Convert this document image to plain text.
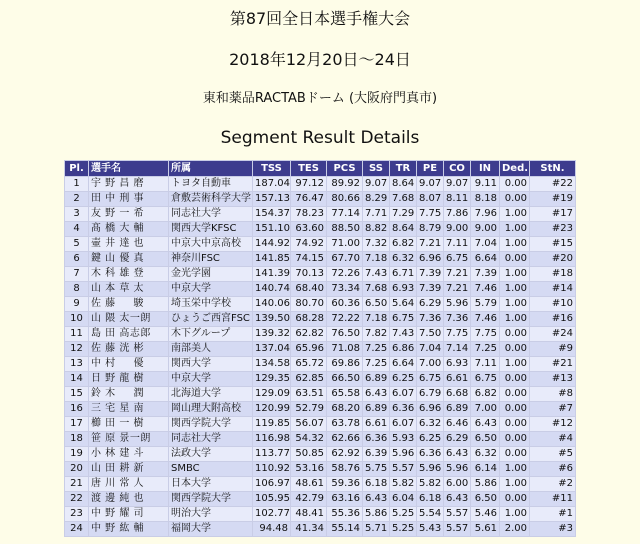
第87回全日本選手権大会
2018年12月20日～24日
東和薬品RACTABドーム (大阪府門真市)
Segment Result Details
Pl.	選手名	所属	TSS	TES	PCS	SS	TR	PE	CO	IN	Ded.	StN.
1	宇 野 昌 磨	トヨタ自動車	187.04	97.12	89.92	9.07	8.64	9.07	9.07	9.11	0.00	#22
2	田 中 刑 事	倉敷芸術科学大学	157.13	76.47	80.66	8.29	7.68	8.07	8.11	8.18	0.00	#19
3	友 野 一 希	同志社大学	154.37	78.23	77.14	7.71	7.29	7.75	7.86	7.96	1.00	#17
4	髙 橋 大 輔	関西大学KFSC	151.10	63.60	88.50	8.82	8.64	8.79	9.00	9.00	1.00	#23
5	壷 井 達 也	中京大中京高校	144.92	74.92	71.00	7.32	6.82	7.21	7.11	7.04	1.00	#15
6	鍵 山 優 真	神奈川FSC	141.85	74.15	67.70	7.18	6.32	6.96	6.75	6.64	0.00	#20
7	木 科 雄 登	金光学園	141.39	70.13	72.26	7.43	6.71	7.39	7.21	7.39	1.00	#18
8	山 本 草 太	中京大学	140.74	68.40	73.34	7.68	6.93	7.39	7.21	7.46	1.00	#14
9	佐 藤 　 駿	埼玉栄中学校	140.06	80.70	60.36	6.50	5.64	6.29	5.96	5.79	1.00	#10
10	山 隈 太一朗	ひょうご西宮FSC	139.50	68.28	72.22	7.18	6.75	7.36	7.36	7.46	1.00	#16
11	島 田 高志郎	木下グループ	139.32	62.82	76.50	7.82	7.43	7.50	7.75	7.75	0.00	#24
12	佐 藤 洸 彬	南部美人	137.04	65.96	71.08	7.25	6.86	7.04	7.14	7.25	0.00	#9
13	中 村 　 優	関西大学	134.58	65.72	69.86	7.25	6.64	7.00	6.93	7.11	1.00	#21
14	日 野 龍 樹	中京大学	129.35	62.85	66.50	6.89	6.25	6.75	6.61	6.75	0.00	#13
15	鈴 木 　 潤	北海道大学	129.09	63.51	65.58	6.43	6.07	6.79	6.68	6.82	0.00	#8
16	三 宅 星 南	岡山理大附高校	120.99	52.79	68.20	6.89	6.36	6.96	6.89	7.00	0.00	#7
17	櫛 田 一 樹	関西学院大学	119.85	56.07	63.78	6.61	6.07	6.32	6.46	6.43	0.00	#12
18	笹 原 景一朗	同志社大学	116.98	54.32	62.66	6.36	5.93	6.25	6.29	6.50	0.00	#4
19	小 林 建 斗	法政大学	113.77	50.85	62.92	6.39	5.96	6.36	6.43	6.32	0.00	#5
20	山 田 耕 新	SMBC	110.92	53.16	58.76	5.75	5.57	5.96	5.96	6.14	1.00	#6
21	唐 川 常 人	日本大学	106.97	48.61	59.36	6.18	5.82	5.82	6.00	5.86	1.00	#2
22	渡 邊 純 也	関西学院大学	105.95	42.79	63.16	6.43	6.04	6.18	6.43	6.50	0.00	#11
23	中 野 耀 司	明治大学	102.77	48.41	55.36	5.86	5.25	5.54	5.57	5.46	1.00	#1
24	中 野 紘 輔	福岡大学	94.48	41.34	55.14	5.71	5.25	5.43	5.57	5.61	2.00	#3
